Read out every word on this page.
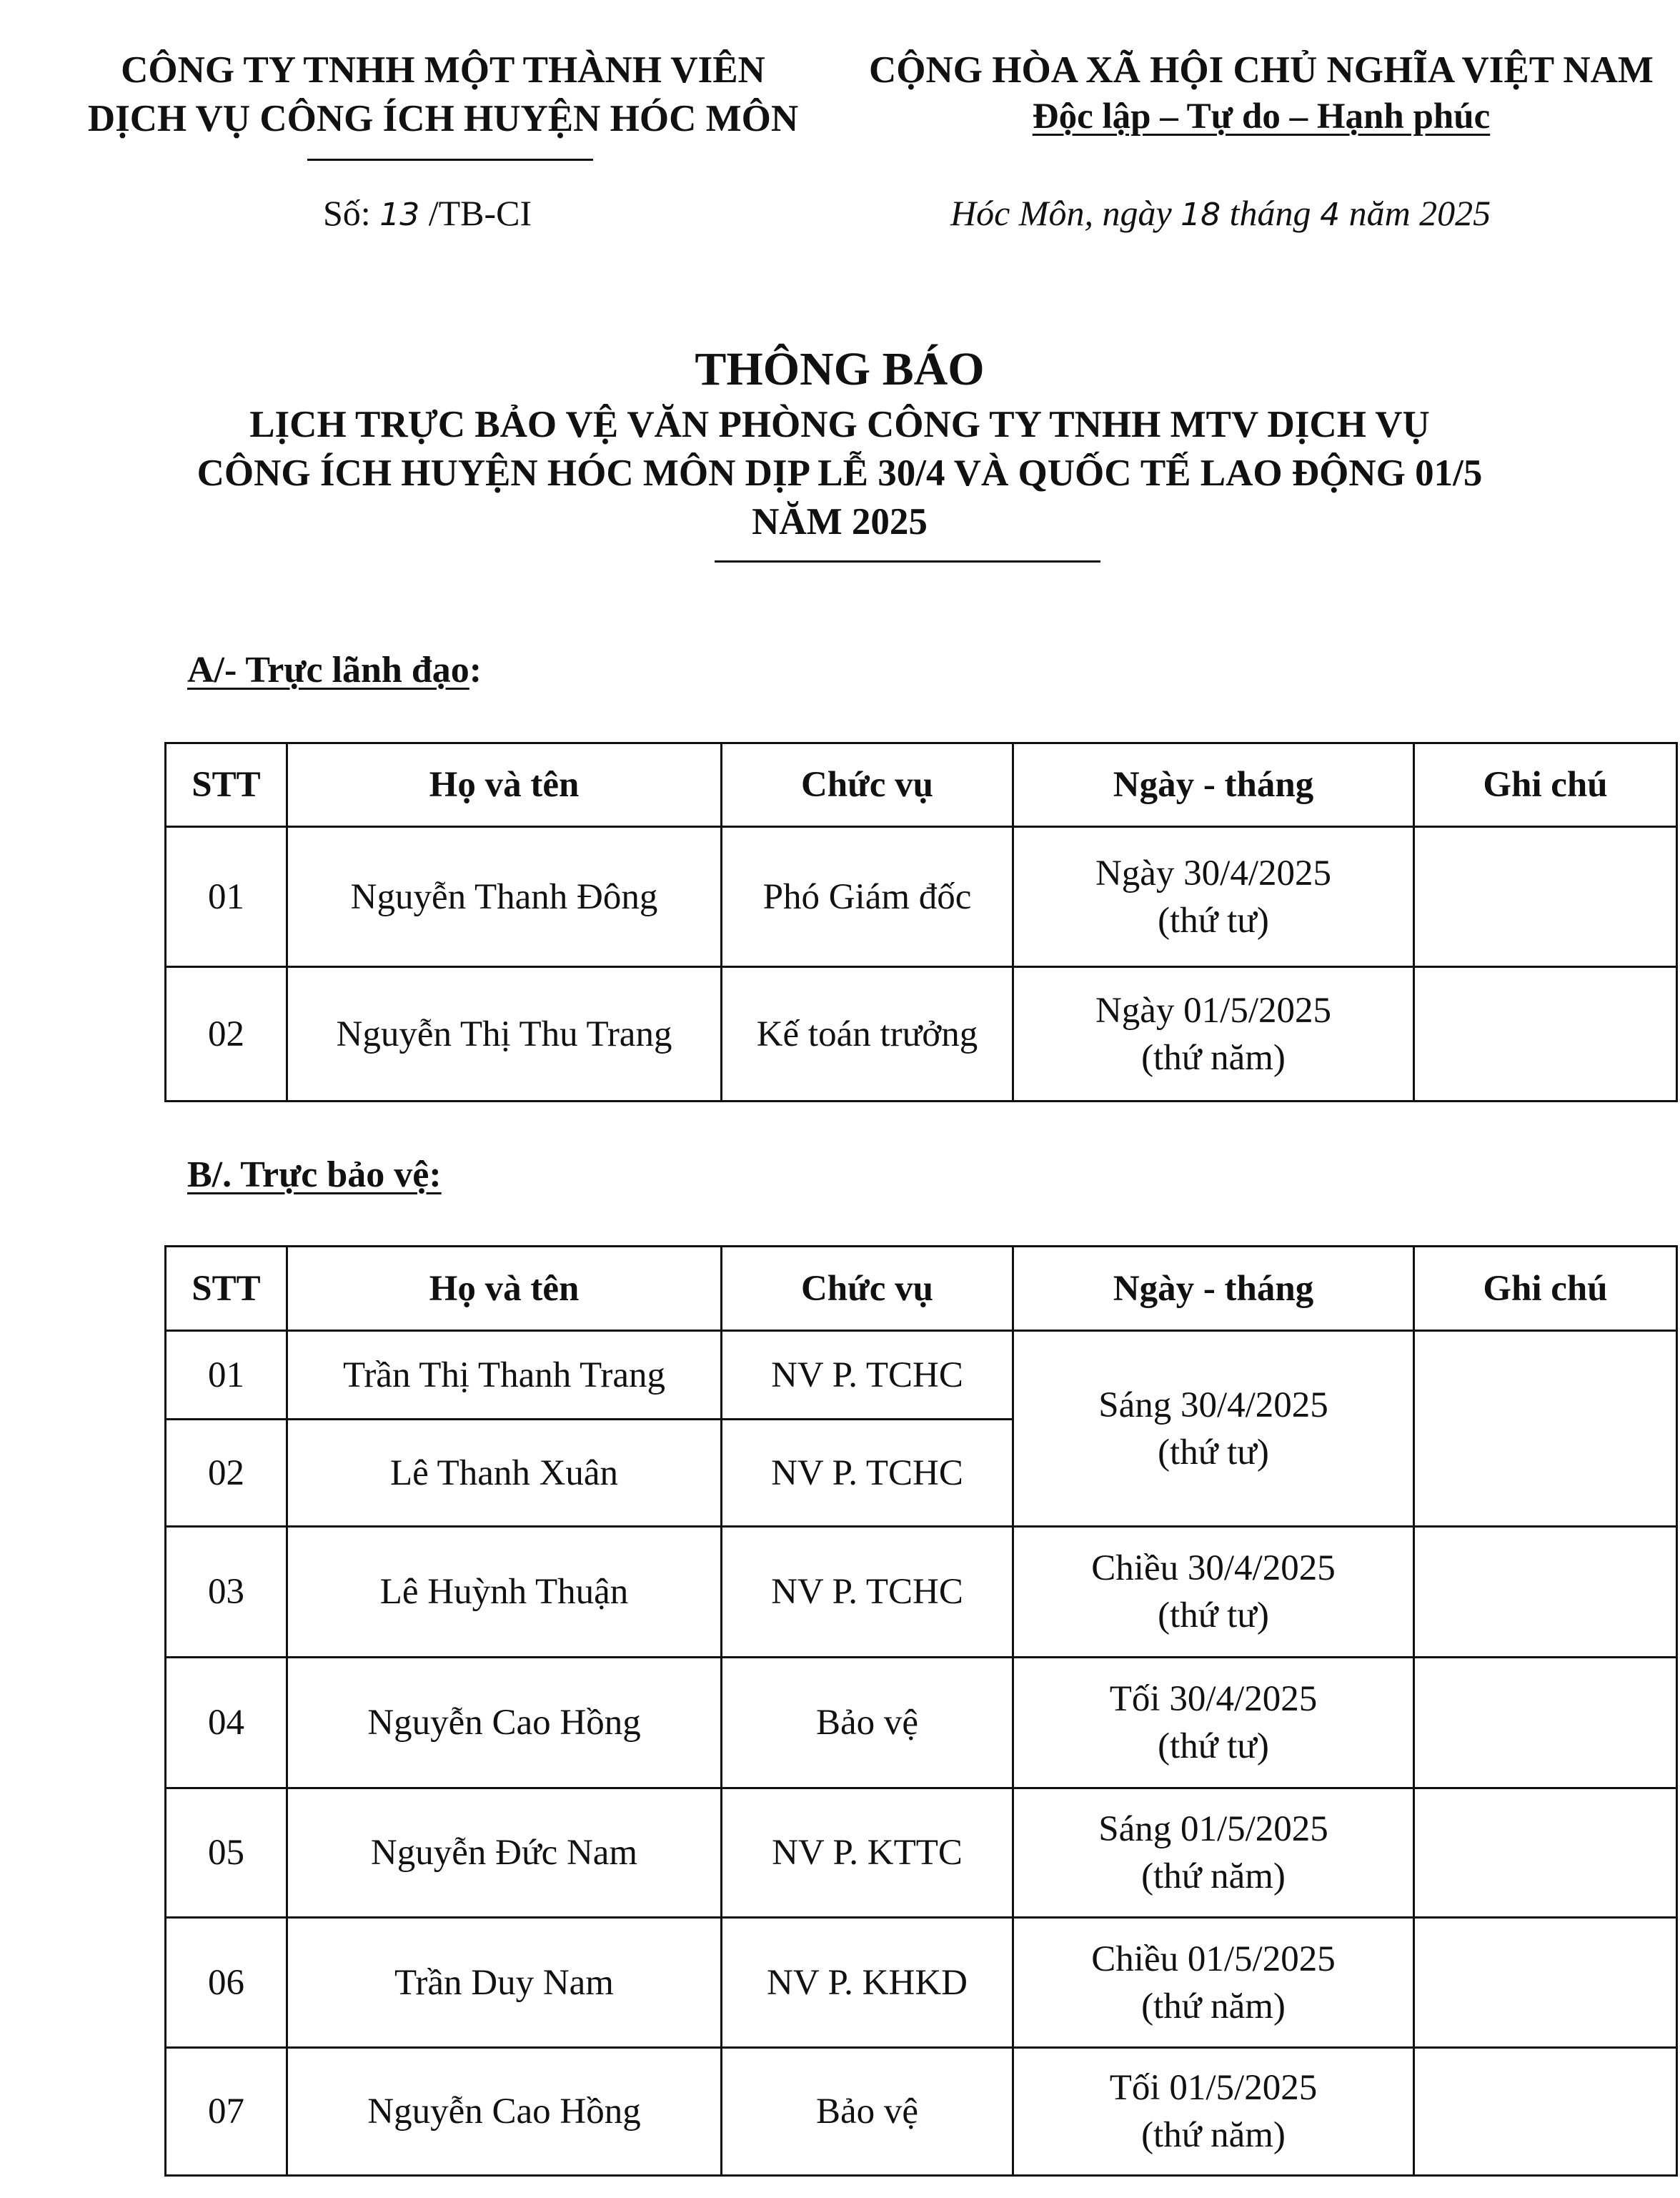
CÔNG TY TNHH MỘT THÀNH VIÊN
DỊCH VỤ CÔNG ÍCH HUYỆN HÓC MÔN
CỘNG HÒA XÃ HỘI CHỦ NGHĨA VIỆT NAM
Độc lập – Tự do – Hạnh phúc
Số: 13 /TB-CI	Hóc Môn, ngày 18 tháng 4 năm 2025
THÔNG BÁO
LỊCH TRỰC BẢO VỆ VĂN PHÒNG CÔNG TY TNHH MTV DỊCH VỤ
CÔNG ÍCH HUYỆN HÓC MÔN DỊP LỄ 30/4 VÀ QUỐC TẾ LAO ĐỘNG 01/5
NĂM 2025
A/- Trực lãnh đạo:
STT	Họ và tên	Chức vụ	Ngày - tháng	Ghi chú
01	Nguyễn Thanh Đông	Phó Giám đốc	Ngày 30/4/2025
(thứ tư)	

02	Nguyễn Thị Thu Trang	Kế toán trưởng	Ngày 01/5/2025
(thứ năm)	

B/. Trực bảo vệ:
STT	Họ và tên	Chức vụ	Ngày - tháng	Ghi chú
01	Trần Thị Thanh Trang	NV P. TCHC	Sáng 30/4/2025
(thứ tư)	

02	Lê Thanh Xuân	NV P. TCHC		
03	Lê Huỳnh Thuận	NV P. TCHC	Chiều 30/4/2025
(thứ tư)	

04	Nguyễn Cao Hồng	Bảo vệ	Tối 30/4/2025
(thứ tư)	

05	Nguyễn Đức Nam	NV P. KTTC	Sáng 01/5/2025
(thứ năm)	

06	Trần Duy Nam	NV P. KHKD	Chiều 01/5/2025
(thứ năm)	

07	Nguyễn Cao Hồng	Bảo vệ	Tối 01/5/2025
(thứ năm)	
